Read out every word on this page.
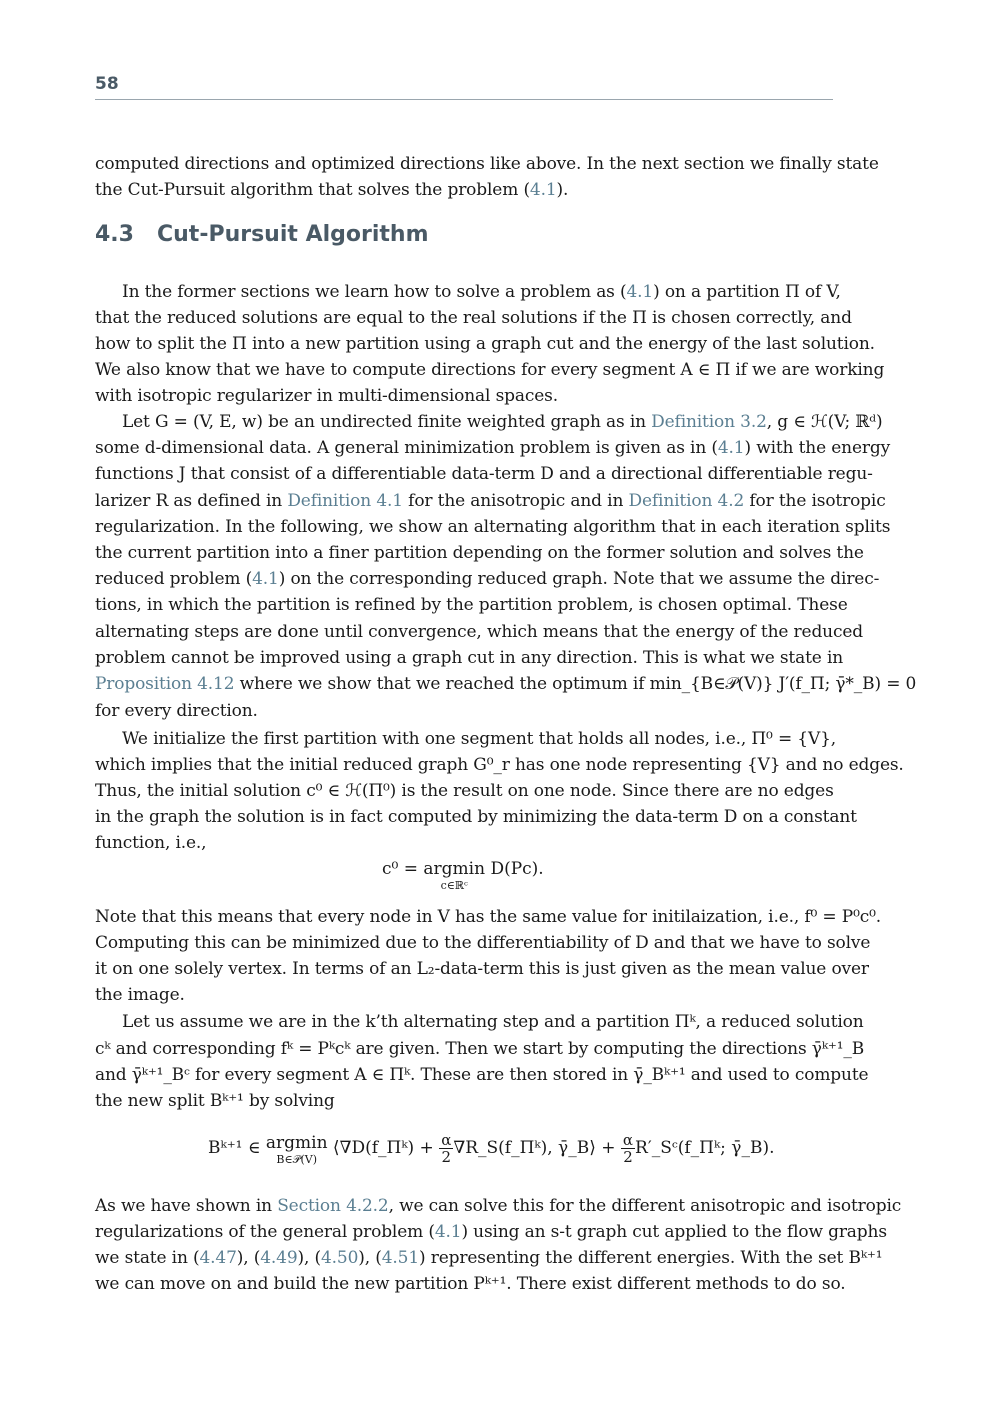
58
computed directions and optimized directions like above. In the next section we finally state
the Cut-Pursuit algorithm that solves the problem (4.1).
4.3 Cut-Pursuit Algorithm
In the former sections we learn how to solve a problem as (4.1) on a partition Π of V,
that the reduced solutions are equal to the real solutions if the Π is chosen correctly, and
how to split the Π into a new partition using a graph cut and the energy of the last solution.
We also know that we have to compute directions for every segment A ∈ Π if we are working
with isotropic regularizer in multi-dimensional spaces.
Let G = (V, E, w) be an undirected finite weighted graph as in Definition 3.2, g ∈ ℋ(V; ℝᵈ)
some d-dimensional data. A general minimization problem is given as in (4.1) with the energy
functions J that consist of a differentiable data-term D and a directional differentiable regu-
larizer R as defined in Definition 4.1 for the anisotropic and in Definition 4.2 for the isotropic
regularization. In the following, we show an alternating algorithm that in each iteration splits
the current partition into a finer partition depending on the former solution and solves the
reduced problem (4.1) on the corresponding reduced graph. Note that we assume the direc-
tions, in which the partition is refined by the partition problem, is chosen optimal. These
alternating steps are done until convergence, which means that the energy of the reduced
problem cannot be improved using a graph cut in any direction. This is what we state in
Proposition 4.12 where we show that we reached the optimum if min_{B∈𝒫(V)} J′(f_Π; γ̄*_B) = 0
for every direction.
We initialize the first partition with one segment that holds all nodes, i.e., Π⁰ = {V},
which implies that the initial reduced graph G⁰_r has one node representing {V} and no edges.
Thus, the initial solution c⁰ ∈ ℋ(Π⁰) is the result on one node. Since there are no edges
in the graph the solution is in fact computed by minimizing the data-term D on a constant
function, i.e.,
c⁰ = argmin
c∈ℝᶜ
D(Pc).
Note that this means that every node in V has the same value for initilaization, i.e., f⁰ = P⁰c⁰.
Computing this can be minimized due to the differentiability of D and that we have to solve
it on one solely vertex. In terms of an L₂-data-term this is just given as the mean value over
the image.
Let us assume we are in the k’th alternating step and a partition Πᵏ, a reduced solution
cᵏ and corresponding fᵏ = Pᵏcᵏ are given. Then we start by computing the directions γ̄ᵏ⁺¹_B
and γ̄ᵏ⁺¹_Bᶜ for every segment A ∈ Πᵏ. These are then stored in γ̄_Bᵏ⁺¹ and used to compute
the new split Bᵏ⁺¹ by solving
Bᵏ⁺¹ ∈ argmin
B∈𝒫(V)
⟨∇D(f_Πᵏ) + $\frac{\alpha}{2}$ ∇R_S(f_Πᵏ), γ̄_B⟩ + $\frac{\alpha}{2}$ R′_Sᶜ(f_Πᵏ; γ̄_B).
As we have shown in Section 4.2.2, we can solve this for the different anisotropic and isotropic
regularizations of the general problem (4.1) using an s-t graph cut applied to the flow graphs
we state in (4.47), (4.49), (4.50), (4.51) representing the different energies. With the set Bᵏ⁺¹
we can move on and build the new partition Pᵏ⁺¹. There exist different methods to do so.
